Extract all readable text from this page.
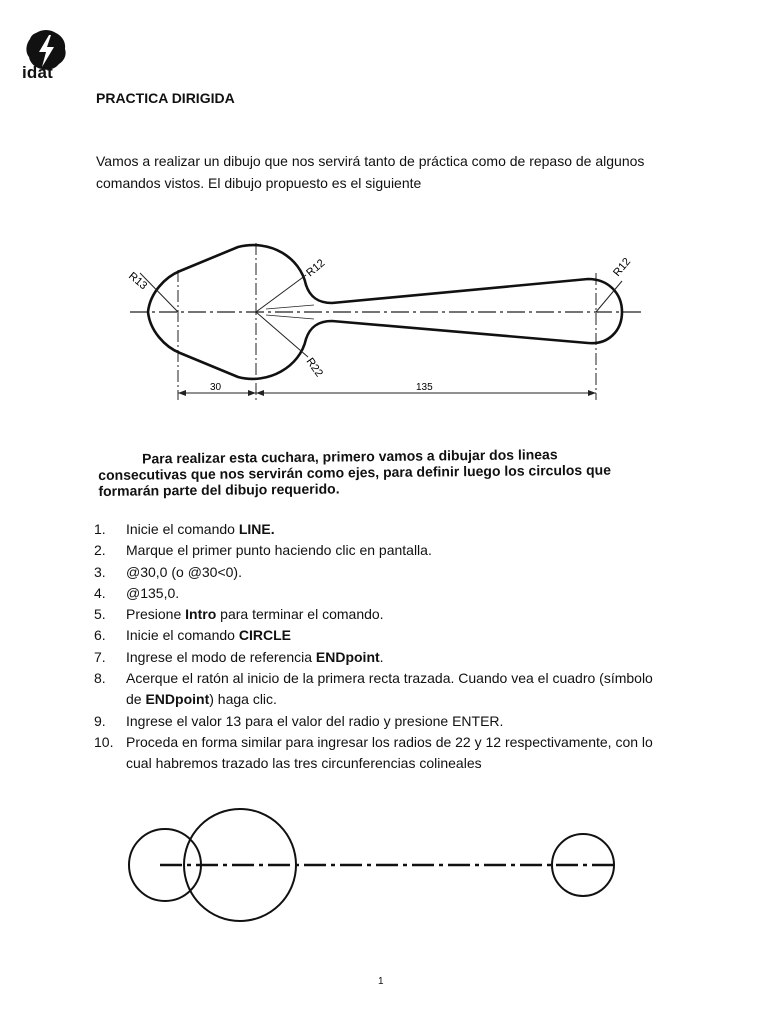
idat
PRACTICA DIRIGIDA
Vamos a realizar un dibujo que nos servirá tanto de práctica como de repaso de algunos comandos vistos. El dibujo propuesto es el siguiente
R13
R12	R12
R22
30	135
Para realizar esta cuchara, primero vamos a dibujar dos lineas consecutivas que nos servirán como ejes, para definir luego los circulos que formarán parte del dibujo requerido.
1. Inicie el comando LINE.
2. Marque el primer punto haciendo clic en pantalla.
3. @30,0 (o @30<0).
4. @135,0.
5. Presione Intro para terminar el comando.
6. Inicie el comando CIRCLE
7. Ingrese el modo de referencia ENDpoint.
8. Acerque el ratón al inicio de la primera recta trazada. Cuando vea el cuadro (símbolo de ENDpoint) haga clic.
9. Ingrese el valor 13 para el valor del radio y presione ENTER.
10. Proceda en forma similar para ingresar los radios de 22 y 12 respectivamente, con lo cual habremos trazado las tres circunferencias colineales
1
